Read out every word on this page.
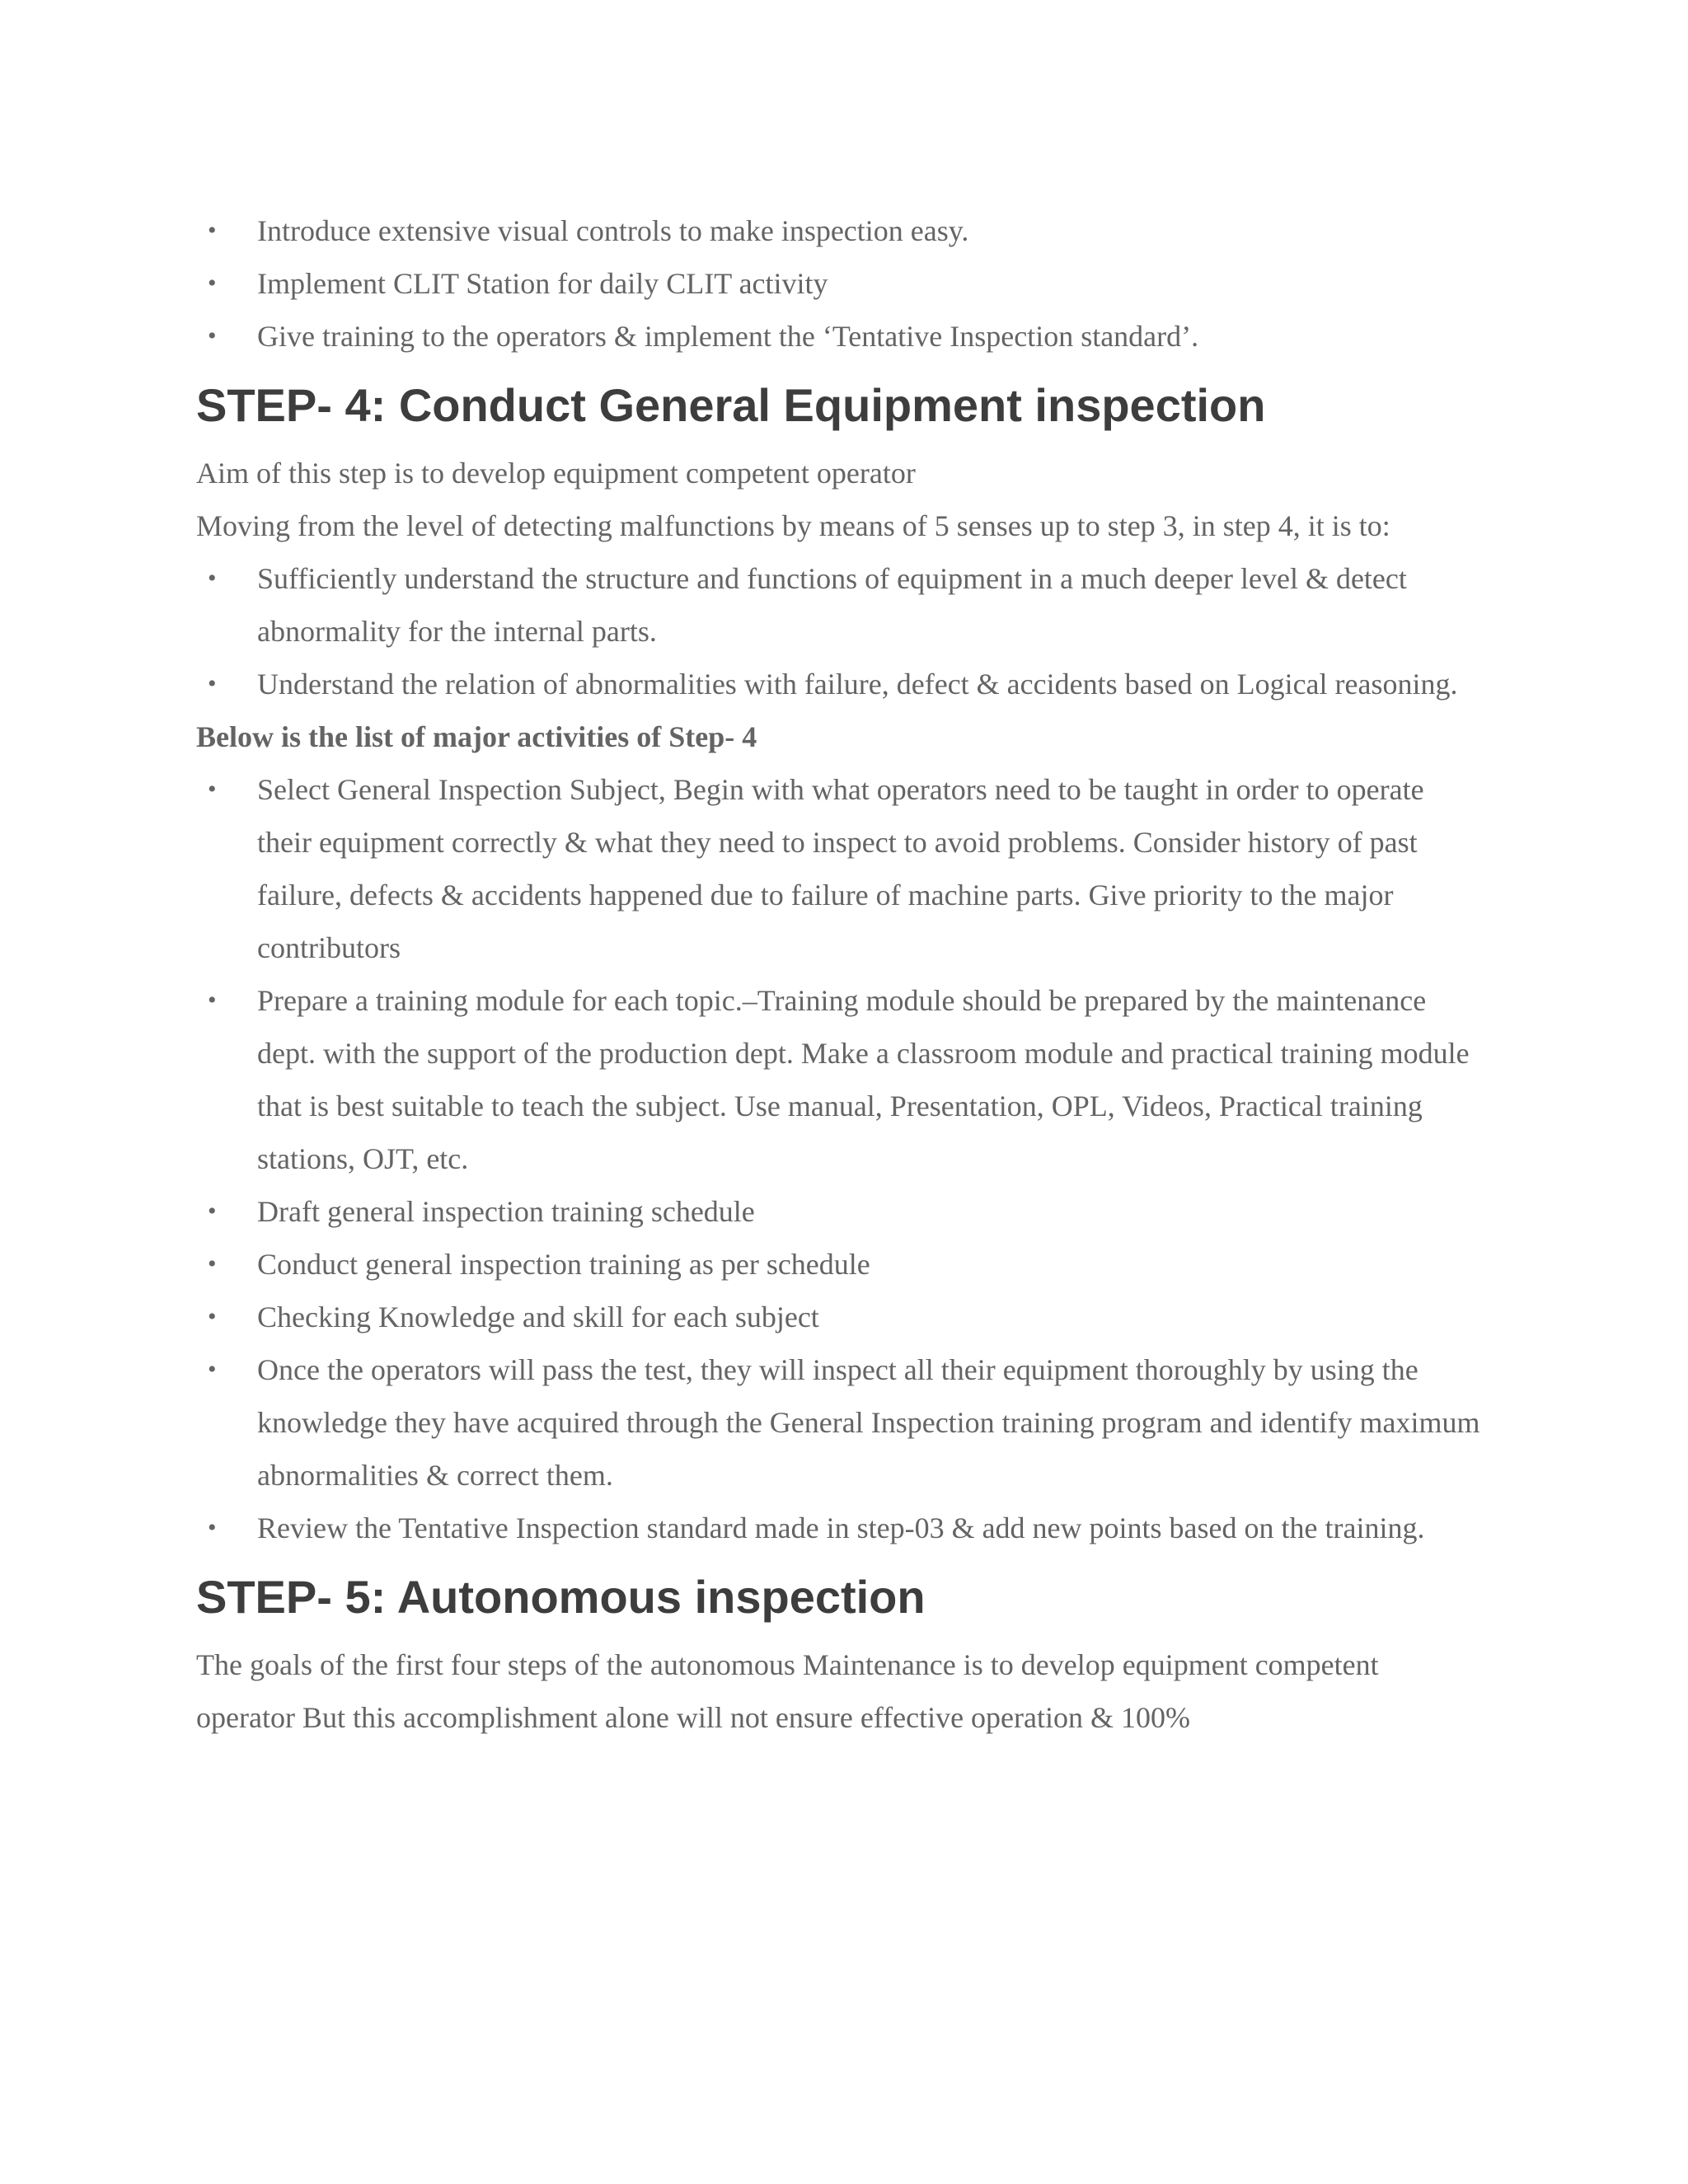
• Introduce extensive visual controls to make inspection easy.
• Implement CLIT Station for daily CLIT activity
• Give training to the operators & implement the ‘Tentative Inspection standard’.
STEP- 4: Conduct General Equipment inspection

Aim of this step is to develop equipment competent operator

Moving from the level of detecting malfunctions by means of 5 senses up to step 3, in step 4, it is to:

• Sufficiently understand the structure and functions of equipment in a much deeper level & detect abnormality for the internal parts.
• Understand the relation of abnormalities with failure, defect & accidents based on Logical reasoning.

Below is the list of major activities of Step- 4

• Select General Inspection Subject, Begin with what operators need to be taught in order to operate their equipment correctly & what they need to inspect to avoid problems. Consider history of past failure, defects & accidents happened due to failure of machine parts. Give priority to the major contributors
• Prepare a training module for each topic.–Training module should be prepared by the maintenance dept. with the support of the production dept. Make a classroom module and practical training module that is best suitable to teach the subject. Use manual, Presentation, OPL, Videos, Practical training stations, OJT, etc.
• Draft general inspection training schedule
• Conduct general inspection training as per schedule
• Checking Knowledge and skill for each subject
• Once the operators will pass the test, they will inspect all their equipment thoroughly by using the knowledge they have acquired through the General Inspection training program and identify maximum abnormalities & correct them.
• Review the Tentative Inspection standard made in step-03 & add new points based on the training.
STEP- 5: Autonomous inspection

The goals of the first four steps of the autonomous Maintenance is to develop equipment competent operator But this accomplishment alone will not ensure effective operation & 100%
